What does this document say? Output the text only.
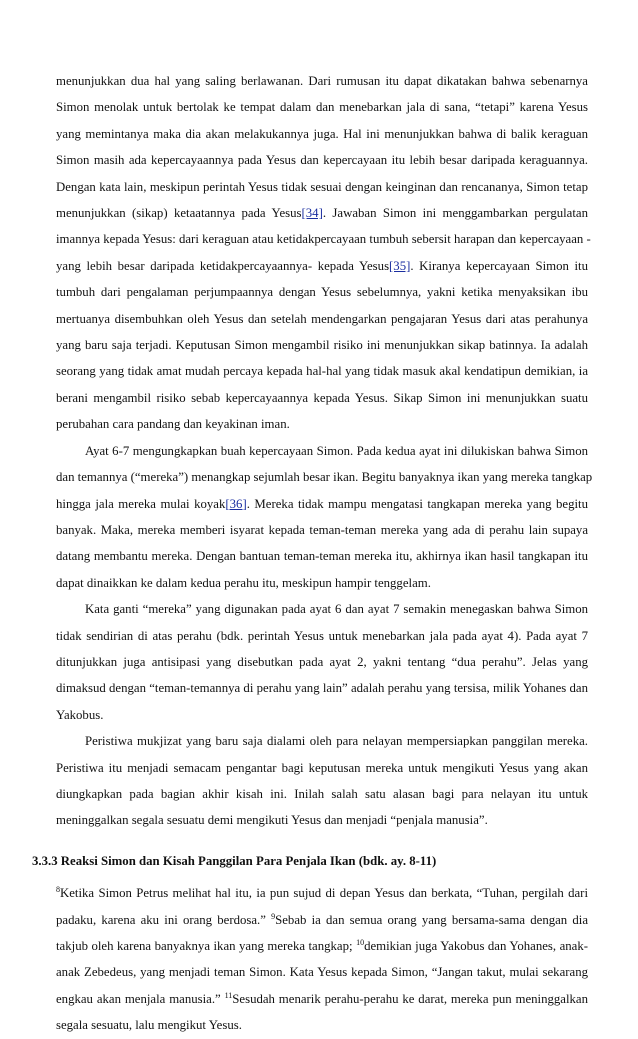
menunjukkan dua hal yang saling berlawanan. Dari rumusan itu dapat dikatakan bahwa sebenarnya
Simon menolak untuk bertolak ke tempat dalam dan menebarkan jala di sana, “tetapi” karena Yesus
yang memintanya maka dia akan melakukannya juga. Hal ini menunjukkan bahwa di balik keraguan
Simon masih ada kepercayaannya pada Yesus dan kepercayaan itu lebih besar daripada keraguannya.
Dengan kata lain, meskipun perintah Yesus tidak sesuai dengan keinginan dan rencananya, Simon tetap
menunjukkan (sikap) ketaatannya pada Yesus[34]. Jawaban Simon ini menggambarkan pergulatan
imannya kepada Yesus: dari keraguan atau ketidakpercayaan tumbuh sebersit harapan dan kepercayaan -
yang lebih besar daripada ketidakpercayaannya- kepada Yesus[35]. Kiranya kepercayaan Simon itu
tumbuh dari pengalaman perjumpaannya dengan Yesus sebelumnya, yakni ketika menyaksikan ibu
mertuanya disembuhkan oleh Yesus dan setelah mendengarkan pengajaran Yesus dari atas perahunya
yang baru saja terjadi. Keputusan Simon mengambil risiko ini menunjukkan sikap batinnya. Ia adalah
seorang yang tidak amat mudah percaya kepada hal-hal yang tidak masuk akal kendatipun demikian, ia
berani mengambil risiko sebab kepercayaannya kepada Yesus. Sikap Simon ini menunjukkan suatu
perubahan cara pandang dan keyakinan iman.
Ayat 6-7 mengungkapkan buah kepercayaan Simon. Pada kedua ayat ini dilukiskan bahwa Simon
dan temannya (“mereka”) menangkap sejumlah besar ikan. Begitu banyaknya ikan yang mereka tangkap
hingga jala mereka mulai koyak[36]. Mereka tidak mampu mengatasi tangkapan mereka yang begitu
banyak. Maka, mereka memberi isyarat kepada teman-teman mereka yang ada di perahu lain supaya
datang membantu mereka. Dengan bantuan teman-teman mereka itu, akhirnya ikan hasil tangkapan itu
dapat dinaikkan ke dalam kedua perahu itu, meskipun hampir tenggelam.
Kata ganti “mereka” yang digunakan pada ayat 6 dan ayat 7 semakin menegaskan bahwa Simon
tidak sendirian di atas perahu (bdk. perintah Yesus untuk menebarkan jala pada ayat 4). Pada ayat 7
ditunjukkan juga antisipasi yang disebutkan pada ayat 2, yakni tentang “dua perahu”. Jelas yang
dimaksud dengan “teman-temannya di perahu yang lain” adalah perahu yang tersisa, milik Yohanes dan
Yakobus.
Peristiwa mukjizat yang baru saja dialami oleh para nelayan mempersiapkan panggilan mereka.
Peristiwa itu menjadi semacam pengantar bagi keputusan mereka untuk mengikuti Yesus yang akan
diungkapkan pada bagian akhir kisah ini. Inilah salah satu alasan bagi para nelayan itu untuk
meninggalkan segala sesuatu demi mengikuti Yesus dan menjadi “penjala manusia”.
3.3.3 Reaksi Simon dan Kisah Panggilan Para Penjala Ikan (bdk. ay. 8-11)
$^8$Ketika Simon Petrus melihat hal itu, ia pun sujud di depan Yesus dan berkata, “Tuhan, pergilah dari
padaku, karena aku ini orang berdosa.” $^9$Sebab ia dan semua orang yang bersama-sama dengan dia
takjub oleh karena banyaknya ikan yang mereka tangkap; $^{10}$demikian juga Yakobus dan Yohanes, anak-
anak Zebedeus, yang menjadi teman Simon. Kata Yesus kepada Simon, “Jangan takut, mulai sekarang
engkau akan menjala manusia.” $^{11}$Sesudah menarik perahu-perahu ke darat, mereka pun meninggalkan
segala sesuatu, lalu mengikut Yesus.
